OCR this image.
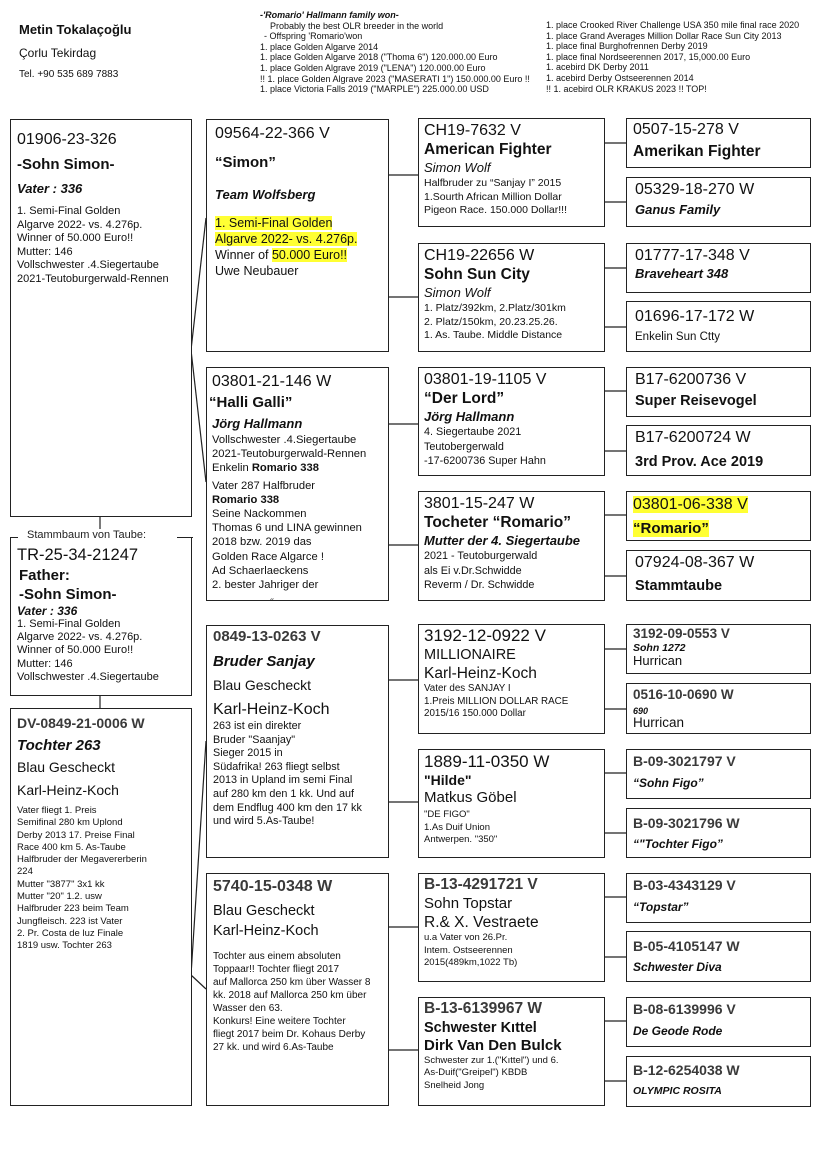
Metin Tokalaçoğlu
Çorlu Tekirdag
Tel. +90 535 689 7883
-'Romario' Hallmann family won-
Probably the best OLR breeder in the world
- Offspring 'Romario'won
1. place Golden Algarve 2014
1. place Golden Algarve 2018 ("Thoma 6") 120.000.00 Euro
1. place Golden Algrave 2019 ("LENA") 120.000.00 Euro
!! 1. place Golden Algrave 2023 ("MASERATI 1") 150.000.00 Euro !!
1. place Victoria Falls 2019 ("MARPLE") 225.000.00 USD
1. place Crooked River Challenge USA 350 mile final race 2020
1. place Grand Averages Million Dollar Race Sun City 2013
1. place final Burghofrennen Derby 2019
1. place final Nordseerennen 2017, 15,000.00 Euro
1. acebird DK Derby 2011
1. acebird Derby Ostseerennen 2014
!! 1. acebird OLR KRAKUS 2023 !! TOP!
01906-23-326
-Sohn Simon-
Vater : 336
1. Semi-Final Golden
Algarve 2022- vs. 4.276p.
Winner of 50.000 Euro!!
Mutter: 146
Vollschwester .4.Siegertaube
2021-Teutoburgerwald-Rennen
Stammbaum von Taube:
TR-25-34-21247
Father:
-Sohn Simon-
Vater : 336
1. Semi-Final Golden
Algarve 2022- vs. 4.276p.
Winner of 50.000 Euro!!
Mutter: 146
Vollschwester .4.Siegertaube
DV-0849-21-0006 W
Tochter 263
Blau Gescheckt
Karl-Heinz-Koch
Vater fliegt 1. Preis
Semifinal 280 km Uplond
Derby 2013 17. Preise Final
Race 400 km 5. As-Taube
Halfbruder der Megavererberin
224
Mutter "3877" 3x1 kk
Mutter "20" 1.2. usw
Halfbruder 223 beim Team
Jungfleisch. 223 ist Vater
2. Pr. Costa de luz Finale
1819 usw. Tochter 263
09564-22-366 V
“Simon”
Team Wolfsberg
1. Semi-Final Golden
Algarve 2022- vs. 4.276p.
Winner of 50.000 Euro!!
Uwe Neubauer
03801-21-146 W
“Halli Galli”
Jörg Hallmann
Vollschwester .4.Siegertaube
2021-Teutoburgerwald-Rennen
Enkelin Romario 338
Vater 287 Halfbruder
Romario 338
Seine Nackommen
Thomas 6 und LINA gewinnen
2018 bzw. 2019 das
Golden Race Algarce !
Ad Schaerlaeckens
2. bester Jahriger der
˝
0849-13-0263 V
Bruder Sanjay
Blau Gescheckt
Karl-Heinz-Koch
263 ist ein direkter
Bruder "Saanjay"
Sieger 2015 in
Südafrika! 263 fliegt selbst
2013 in Upland im semi Final
auf 280 km den 1 kk. Und auf
dem Endflug 400 km den 17 kk
und wird 5.As-Taube!
5740-15-0348 W
Blau Gescheckt
Karl-Heinz-Koch
Tochter aus einem absoluten
Toppaar!! Tochter fliegt 2017
auf Mallorca 250 km über Wasser 8
kk. 2018 auf Mallorca 250 km über
Wasser den 63.
Konkurs! Eine weitere Tochter
fliegt 2017 beim Dr. Kohaus Derby
27 kk. und wird 6.As-Taube
CH19-7632 V
American Fighter
Simon Wolf
Halfbruder zu “Sanjay I” 2015
1.Sourth African Million Dollar
Pigeon Race. 150.000 Dollar!!!
CH19-22656 W
Sohn Sun City
Simon Wolf
1. Platz/392km, 2.Platz/301km
2. Platz/150km, 20.23.25.26.
1. As. Taube. Middle Distance
03801-19-1105 V
“Der Lord”
Jörg Hallmann
4. Siegertaube 2021
Teutobergerwald
-17-6200736 Super Hahn
3801-15-247 W
Tocheter “Romario”
Mutter der 4. Siegertaube
2021 - Teutoburgerwald
als Ei v.Dr.Schwidde
Reverm / Dr. Schwidde
3192-12-0922 V
MILLIONAIRE
Karl-Heinz-Koch
Vater des SANJAY I
1.Preis MILLION DOLLAR RACE
2015/16 150.000 Dollar
1889-11-0350 W
"Hilde"
Matkus Göbel
"DE FIGO"
1.As Duif Union
Antwerpen. "350"
B-13-4291721 V
Sohn Topstar
R.& X. Vestraete
u.a Vater von 26.Pr.
Intem. Ostseerennen
2015(489km,1022 Tb)
B-13-6139967 W
Schwester Kıttel
Dirk Van Den Bulck
Schwester zur 1.("Kıttel") und 6.
As-Duif("Greipel") KBDB
Snelheid Jong
0507-15-278 V
Amerikan Fighter
05329-18-270 W
Ganus Family
01777-17-348 V
Braveheart 348
01696-17-172 W
Enkelin Sun Ctty
B17-6200736 V
Super Reisevogel
B17-6200724 W
3rd Prov. Ace 2019
03801-06-338 V
“Romario”
07924-08-367 W
Stammtaube
3192-09-0553 V
Sohn 1272
Hurrican
0516-10-0690 W
690
Hurrican
B-09-3021797 V
“Sohn Figo”
B-09-3021796 W
“"Tochter Figo”
B-03-4343129 V
“Topstar”
B-05-4105147 W
Schwester Diva
B-08-6139996 V
De Geode Rode
B-12-6254038 W
OLYMPIC ROSITA
